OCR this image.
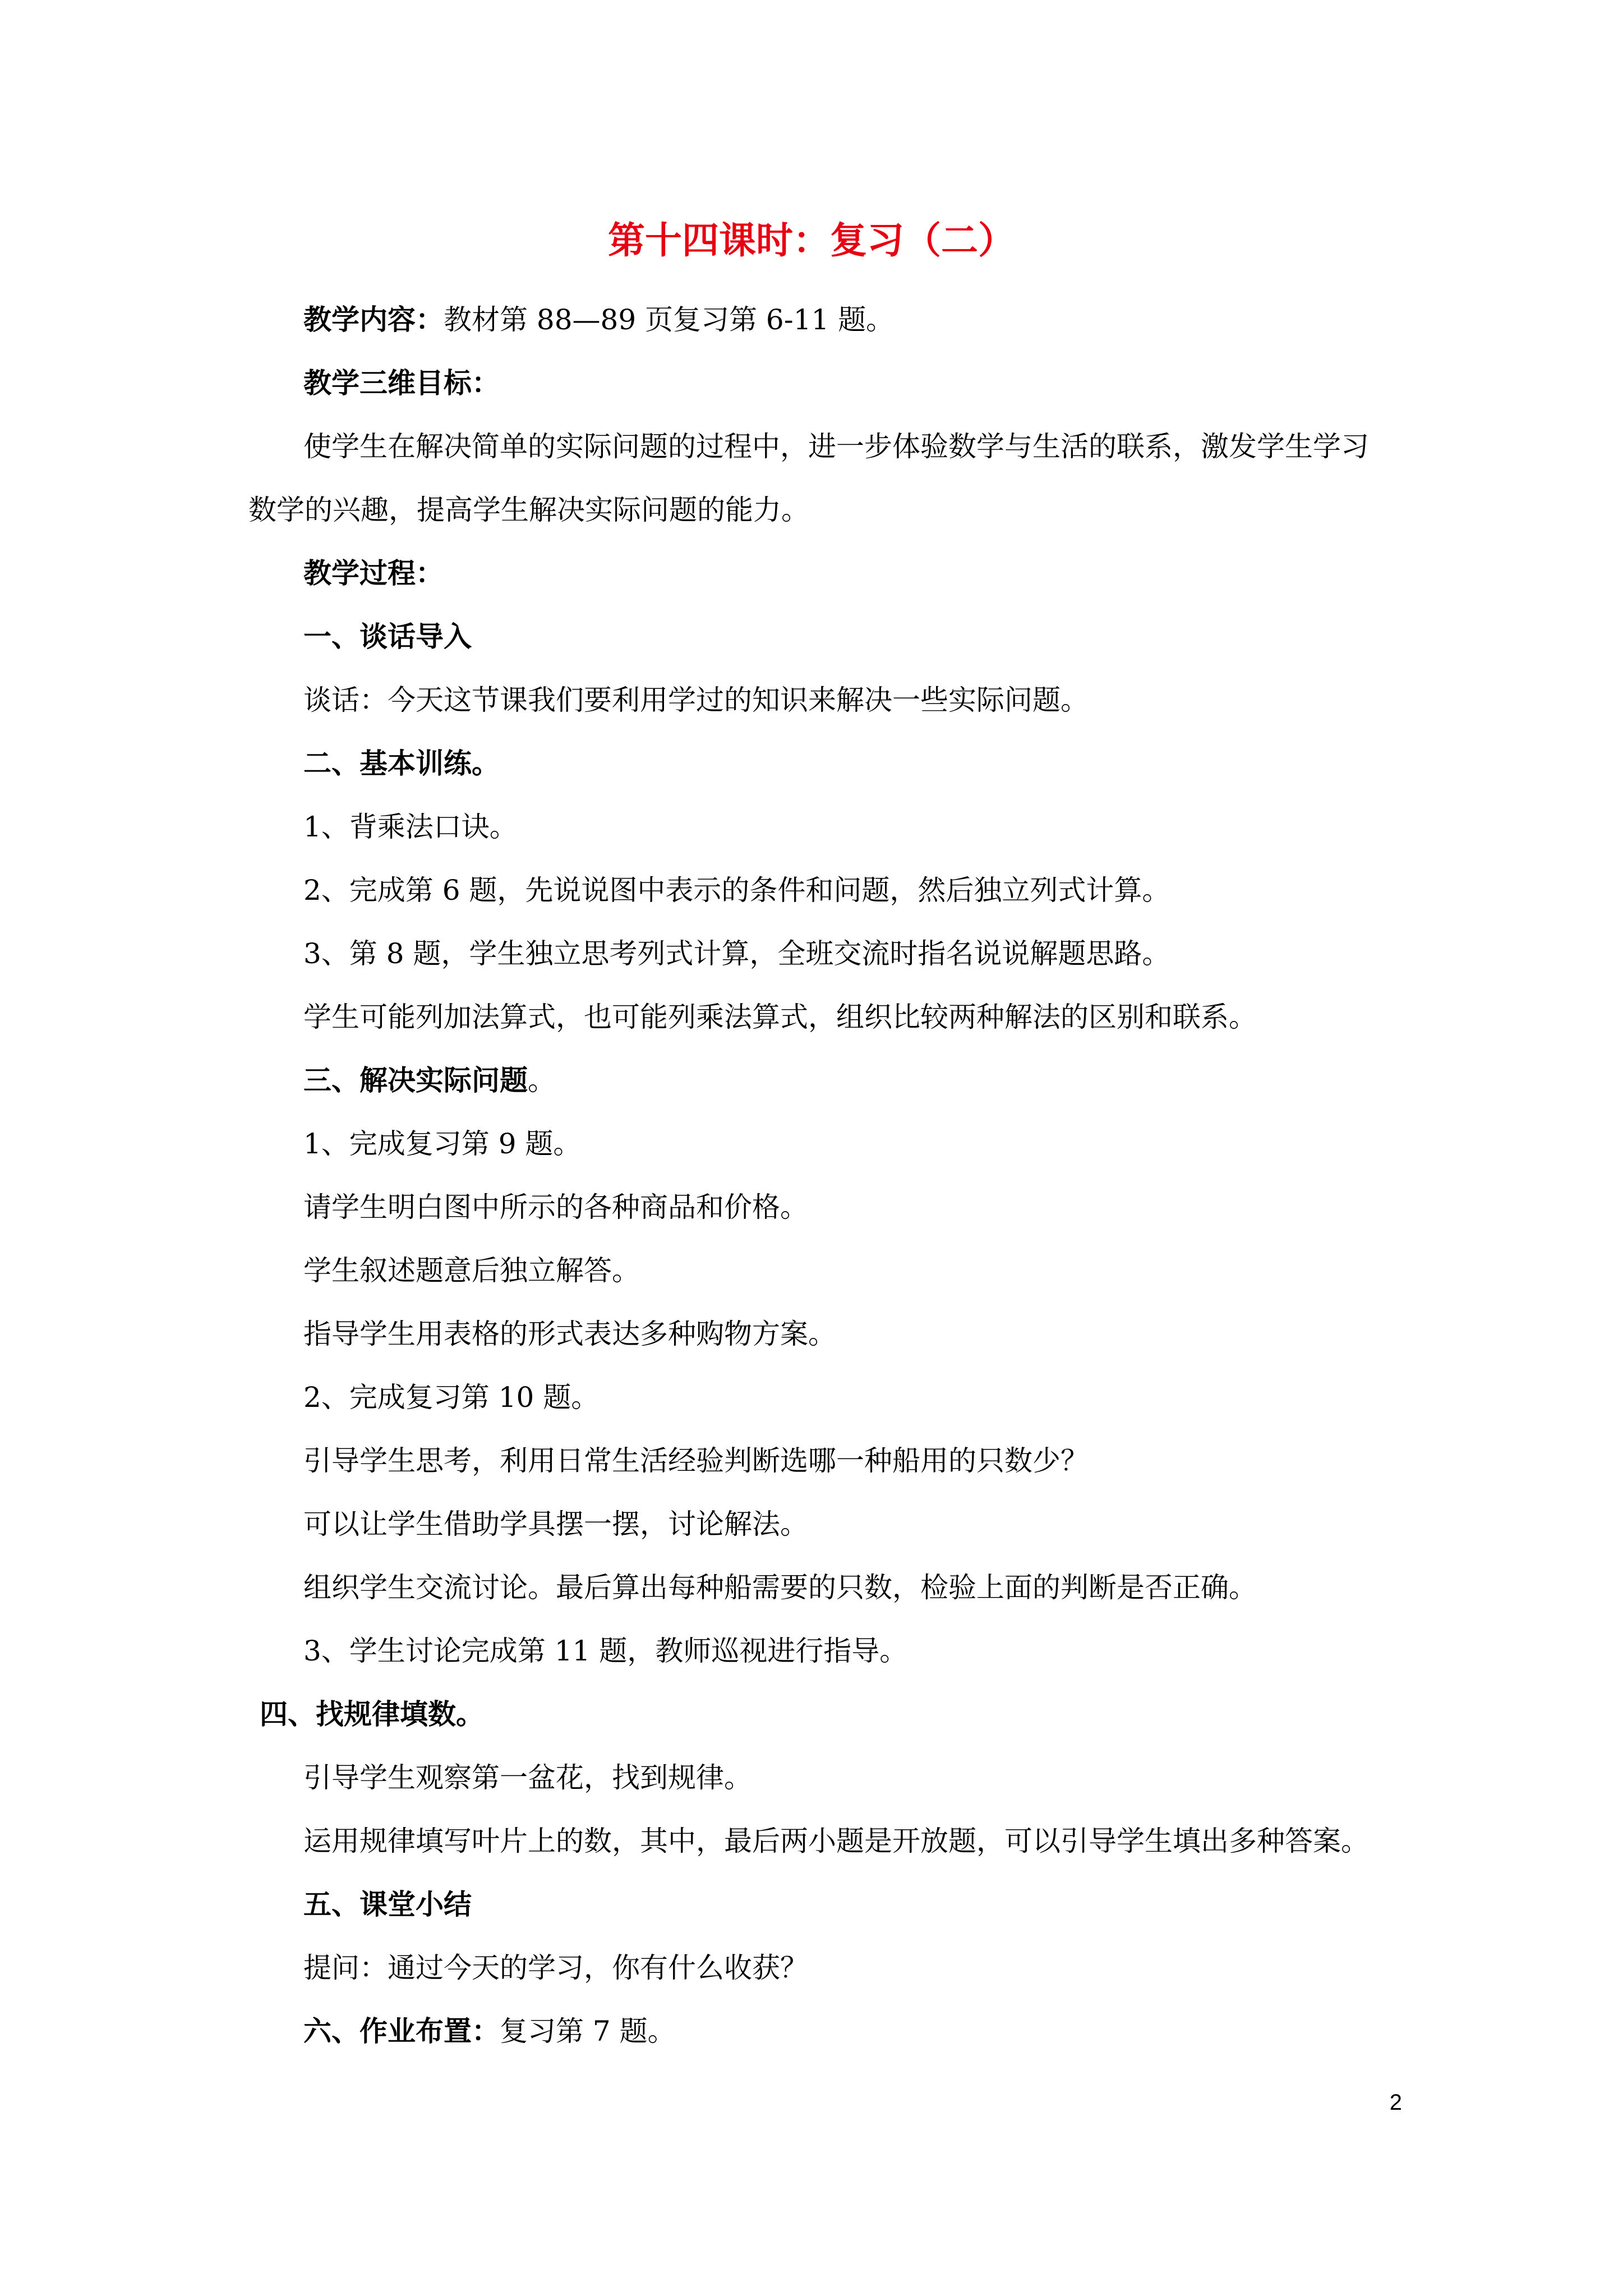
第十四课时：复习（二）
教学内容：教材第 88—89 页复习第 6-11 题。
教学三维目标：
使学生在解决简单的实际问题的过程中，进一步体验数学与生活的联系，激发学生学习
数学的兴趣，提高学生解决实际问题的能力。
教学过程：
一、谈话导入
谈话：今天这节课我们要利用学过的知识来解决一些实际问题。
二、基本训练。
1、背乘法口诀。
2、完成第 6 题，先说说图中表示的条件和问题，然后独立列式计算。
3、第 8 题，学生独立思考列式计算，全班交流时指名说说解题思路。
学生可能列加法算式，也可能列乘法算式，组织比较两种解法的区别和联系。
三、解决实际问题。
1、完成复习第 9 题。
请学生明白图中所示的各种商品和价格。
学生叙述题意后独立解答。
指导学生用表格的形式表达多种购物方案。
2、完成复习第 10 题。
引导学生思考，利用日常生活经验判断选哪一种船用的只数少？
可以让学生借助学具摆一摆，讨论解法。
组织学生交流讨论。最后算出每种船需要的只数，检验上面的判断是否正确。
3、学生讨论完成第 11 题，教师巡视进行指导。
四、找规律填数。
引导学生观察第一盆花，找到规律。
运用规律填写叶片上的数，其中，最后两小题是开放题，可以引导学生填出多种答案。
五、课堂小结
提问：通过今天的学习，你有什么收获？
六、作业布置：复习第 7 题。
2
